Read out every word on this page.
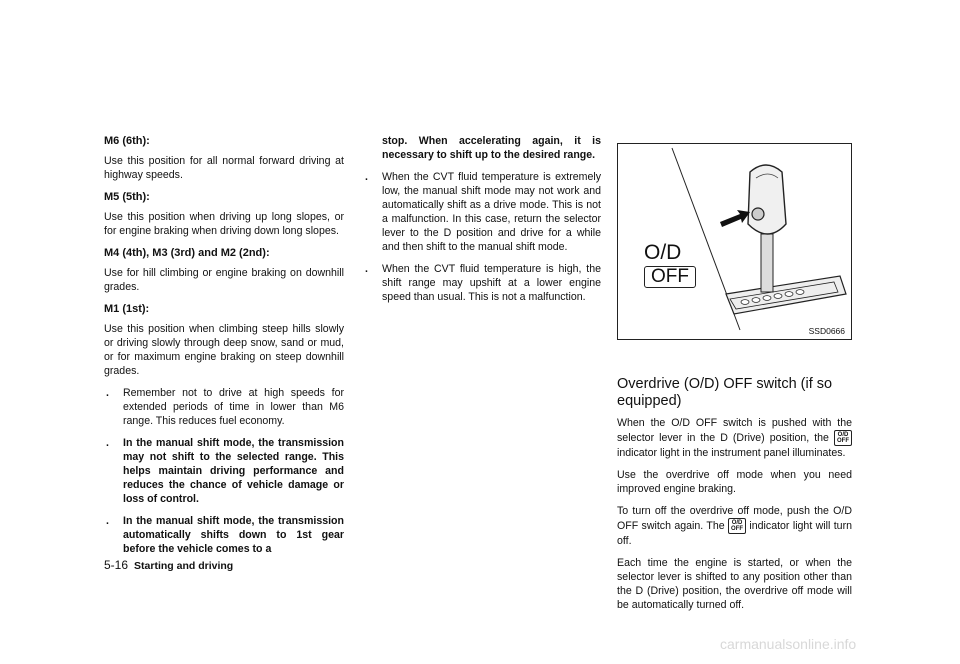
M6 (6th):

Use this position for all normal forward driving at highway speeds.

M5 (5th):

Use this position when driving up long slopes, or for engine braking when driving down long slopes.

M4 (4th), M3 (3rd) and M2 (2nd):

Use for hill climbing or engine braking on downhill grades.

M1 (1st):

Use this position when climbing steep hills slowly or driving slowly through deep snow, sand or mud, or for maximum engine braking on steep downhill grades.

. Remember not to drive at high speeds for extended periods of time in lower than M6 range. This reduces fuel economy.
. In the manual shift mode, the transmission may not shift to the selected range. This helps maintain driving performance and reduces the chance of vehicle damage or loss of control.
. In the manual shift mode, the transmission automatically shifts down to 1st gear before the vehicle comes to a

stop. When accelerating again, it is necessary to shift up to the desired range.

. When the CVT fluid temperature is extremely low, the manual shift mode may not work and automatically shift as a drive mode. This is not a malfunction. In this case, return the selector lever to the D position and drive for a while and then shift to the manual shift mode.
. When the CVT fluid temperature is high, the shift range may upshift at a lower engine speed than usual. This is not a malfunction.
O/D
OFF
SSD0666
Overdrive (O/D) OFF switch (if so equipped)

When the O/D OFF switch is pushed with the selector lever in the D (Drive) position, the O/D
OFF indicator light in the instrument panel illuminates.

Use the overdrive off mode when you need improved engine braking.

To turn off the overdrive off mode, push the O/D OFF switch again. The O/D
OFF indicator light will turn off.

Each time the engine is started, or when the selector lever is shifted to any position other than the D (Drive) position, the overdrive off mode will be automatically turned off.

5-16 Starting and driving
carmanualsonline.info
